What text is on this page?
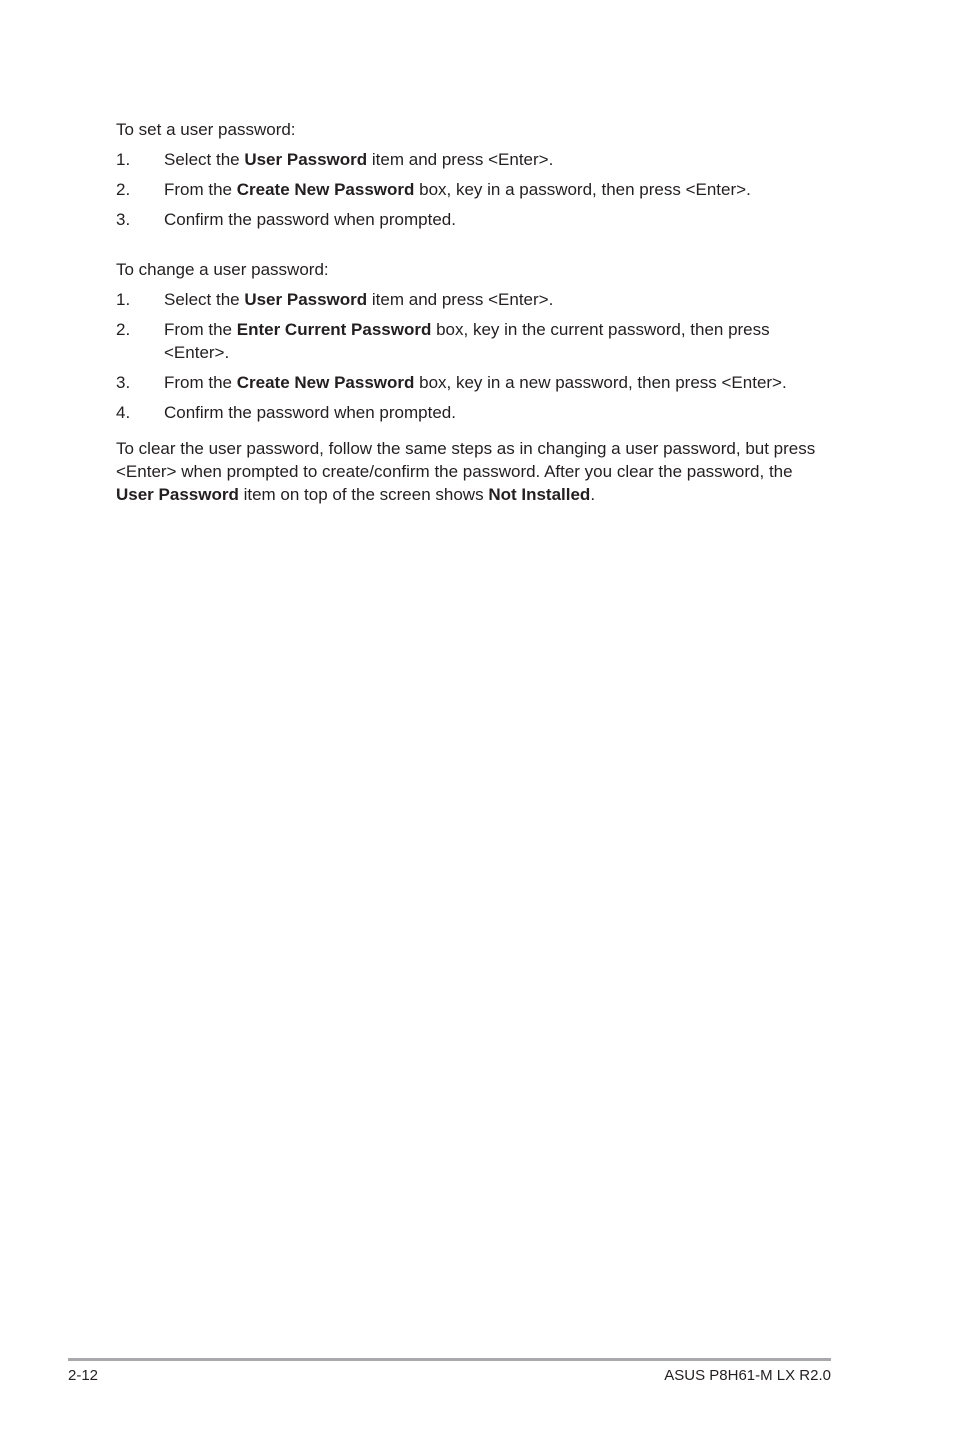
To set a user password:

1.	Select the User Password item and press <Enter>.
2.	From the Create New Password box, key in a password, then press <Enter>.
3.	Confirm the password when prompted.

To change a user password:

1.	Select the User Password item and press <Enter>.
2.	From the Enter Current Password box, key in the current password, then press <Enter>.
3.	From the Create New Password box, key in a new password, then press <Enter>.
4.	Confirm the password when prompted.

To clear the user password, follow the same steps as in changing a user password, but press <Enter> when prompted to create/confirm the password. After you clear the password, the User Password item on top of the screen shows Not Installed.

2-12	ASUS P8H61-M LX R2.0
